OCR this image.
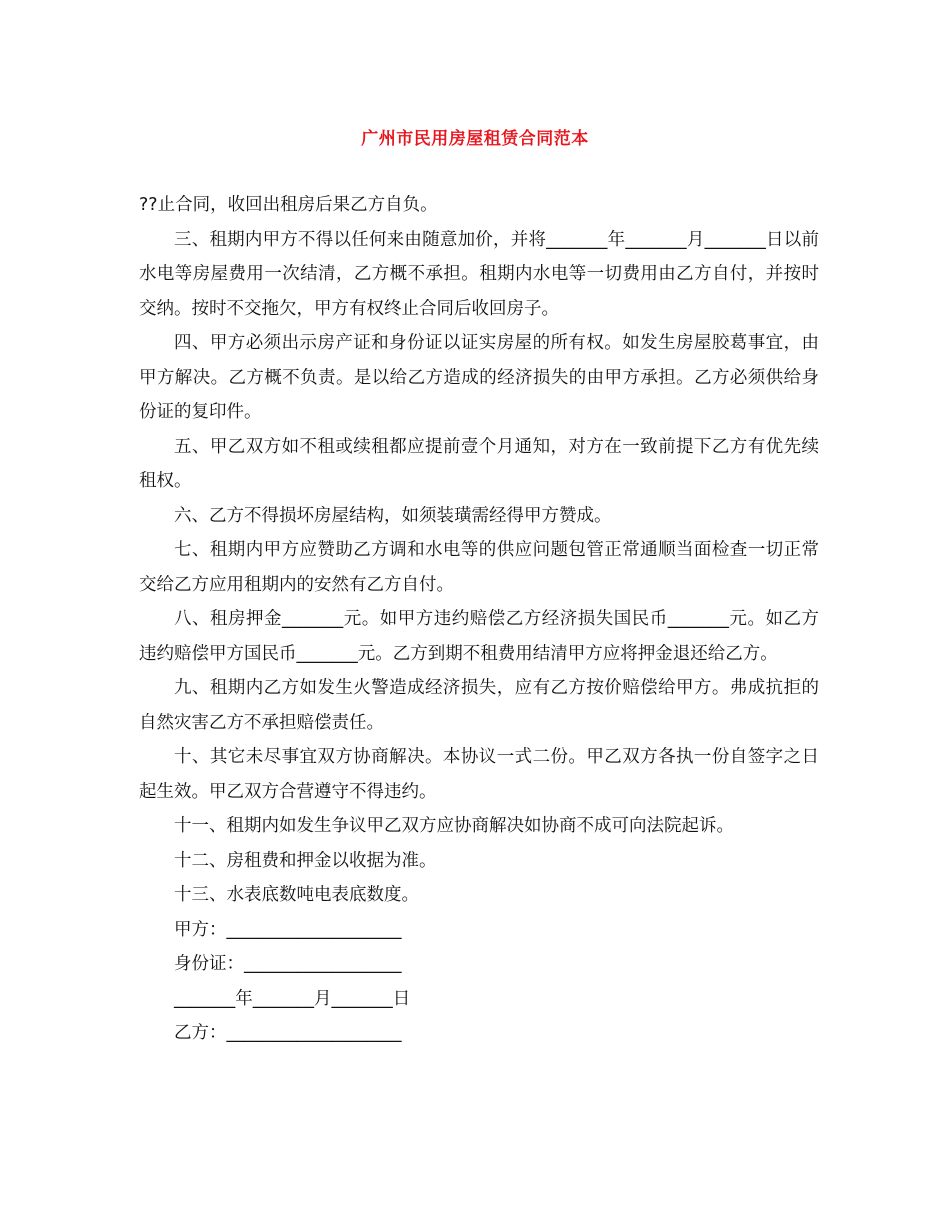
广州市民用房屋租赁合同范本

??止合同，收回出租房后果乙方自负。

三、租期内甲方不得以任何来由随意加价，并将_______年_______月_______日以前水电等房屋费用一次结清，乙方概不承担。租期内水电等一切费用由乙方自付，并按时交纳。按时不交拖欠，甲方有权终止合同后收回房子。

四、甲方必须出示房产证和身份证以证实房屋的所有权。如发生房屋胶葛事宜，由甲方解决。乙方概不负责。是以给乙方造成的经济损失的由甲方承担。乙方必须供给身份证的复印件。

五、甲乙双方如不租或续租都应提前壹个月通知，对方在一致前提下乙方有优先续租权。

六、乙方不得损坏房屋结构，如须装璜需经得甲方赞成。

七、租期内甲方应赞助乙方调和水电等的供应问题包管正常通顺当面检查一切正常交给乙方应用租期内的安然有乙方自付。

八、租房押金_______元。如甲方违约赔偿乙方经济损失国民币_______元。如乙方违约赔偿甲方国民币_______元。乙方到期不租费用结清甲方应将押金退还给乙方。

九、租期内乙方如发生火警造成经济损失，应有乙方按价赔偿给甲方。弗成抗拒的自然灾害乙方不承担赔偿责任。

十、其它未尽事宜双方协商解决。本协议一式二份。甲乙双方各执一份自签字之日起生效。甲乙双方合营遵守不得违约。

十一、租期内如发生争议甲乙双方应协商解决如协商不成可向法院起诉。

十二、房租费和押金以收据为准。

十三、水表底数吨电表底数度。

甲方：____________________

身份证：__________________

_______年_______月_______日

乙方：____________________
